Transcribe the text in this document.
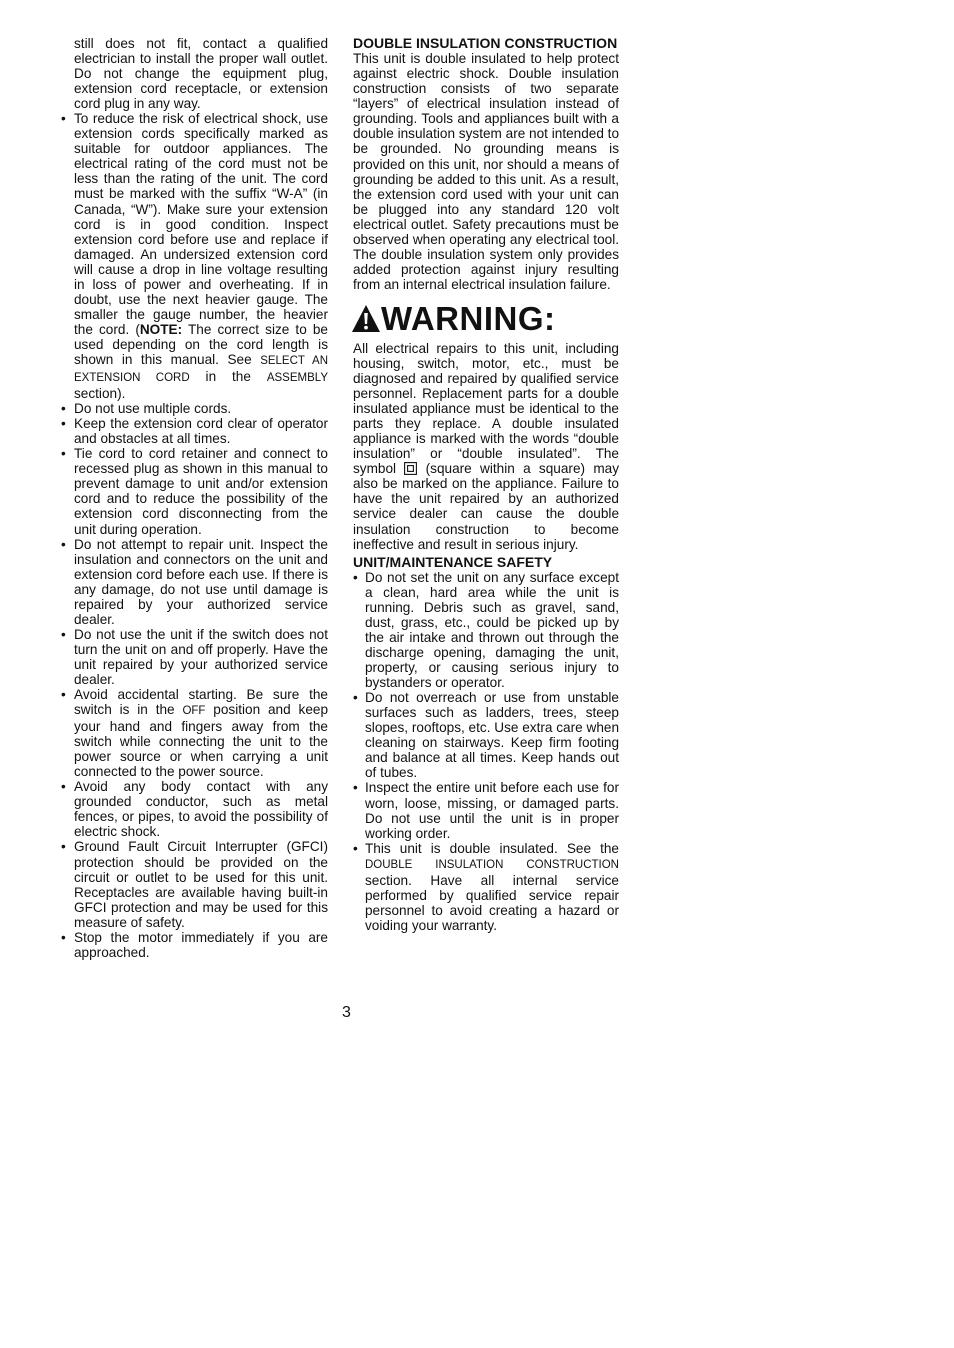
still does not fit, contact a qualified electrician to install the proper wall outlet. Do not change the equipment plug, extension cord receptacle, or extension cord plug in any way.

• To reduce the risk of electrical shock, use extension cords specifically marked as suitable for outdoor appliances. The electrical rating of the cord must not be less than the rating of the unit. The cord must be marked with the suffix “W-A” (in Canada, “W”). Make sure your extension cord is in good condition. Inspect extension cord before use and replace if damaged. An undersized extension cord will cause a drop in line voltage resulting in loss of power and overheating. If in doubt, use the next heavier gauge. The smaller the gauge number, the heavier the cord. (NOTE: The correct size to be used depending on the cord length is shown in this manual. See SELECT AN EXTENSION CORD in the ASSEMBLY section).
• Do not use multiple cords.
• Keep the extension cord clear of operator and obstacles at all times.
• Tie cord to cord retainer and connect to recessed plug as shown in this manual to prevent damage to unit and/or extension cord and to reduce the possibility of the extension cord disconnecting from the unit during operation.
• Do not attempt to repair unit. Inspect the insulation and connectors on the unit and extension cord before each use. If there is any damage, do not use until damage is repaired by your authorized service dealer.
• Do not use the unit if the switch does not turn the unit on and off properly. Have the unit repaired by your authorized service dealer.
• Avoid accidental starting. Be sure the switch is in the OFF position and keep your hand and fingers away from the switch while connecting the unit to the power source or when carrying a unit connected to the power source.
• Avoid any body contact with any grounded conductor, such as metal fences, or pipes, to avoid the possibility of electric shock.
• Ground Fault Circuit Interrupter (GFCI) protection should be provided on the circuit or outlet to be used for this unit. Receptacles are available having built-in GFCI protection and may be used for this measure of safety.
• Stop the motor immediately if you are approached.
DOUBLE INSULATION CONSTRUCTION

This unit is double insulated to help protect against electric shock. Double insulation construction consists of two separate “layers” of electrical insulation instead of grounding. Tools and appliances built with a double insulation system are not intended to be grounded. No grounding means is provided on this unit, nor should a means of grounding be added to this unit. As a result, the extension cord used with your unit can be plugged into any standard 120 volt electrical outlet. Safety precautions must be observed when operating any electrical tool. The double insulation system only provides added protection against injury resulting from an internal electrical insulation failure.

WARNING:

All electrical repairs to this unit, including housing, switch, motor, etc., must be diagnosed and repaired by qualified service personnel. Replacement parts for a double insulated appliance must be identical to the parts they replace. A double insulated appliance is marked with the words “double insulation” or “double insulated”. The symbol  (square within a square) may also be marked on the appliance. Failure to have the unit repaired by an authorized service dealer can cause the double insulation construction to become ineffective and result in serious injury.

UNIT/MAINTENANCE SAFETY
• Do not set the unit on any surface except a clean, hard area while the unit is running. Debris such as gravel, sand, dust, grass, etc., could be picked up by the air intake and thrown out through the discharge opening, damaging the unit, property, or causing serious injury to bystanders or operator.
• Do not overreach or use from unstable surfaces such as ladders, trees, steep slopes, rooftops, etc. Use extra care when cleaning on stairways. Keep firm footing and balance at all times. Keep hands out of tubes.
• Inspect the entire unit before each use for worn, loose, missing, or damaged parts. Do not use until the unit is in proper working order.
• This unit is double insulated. See the DOUBLE INSULATION CONSTRUCTION section. Have all internal service performed by qualified service repair personnel to avoid creating a hazard or voiding your warranty.
3
